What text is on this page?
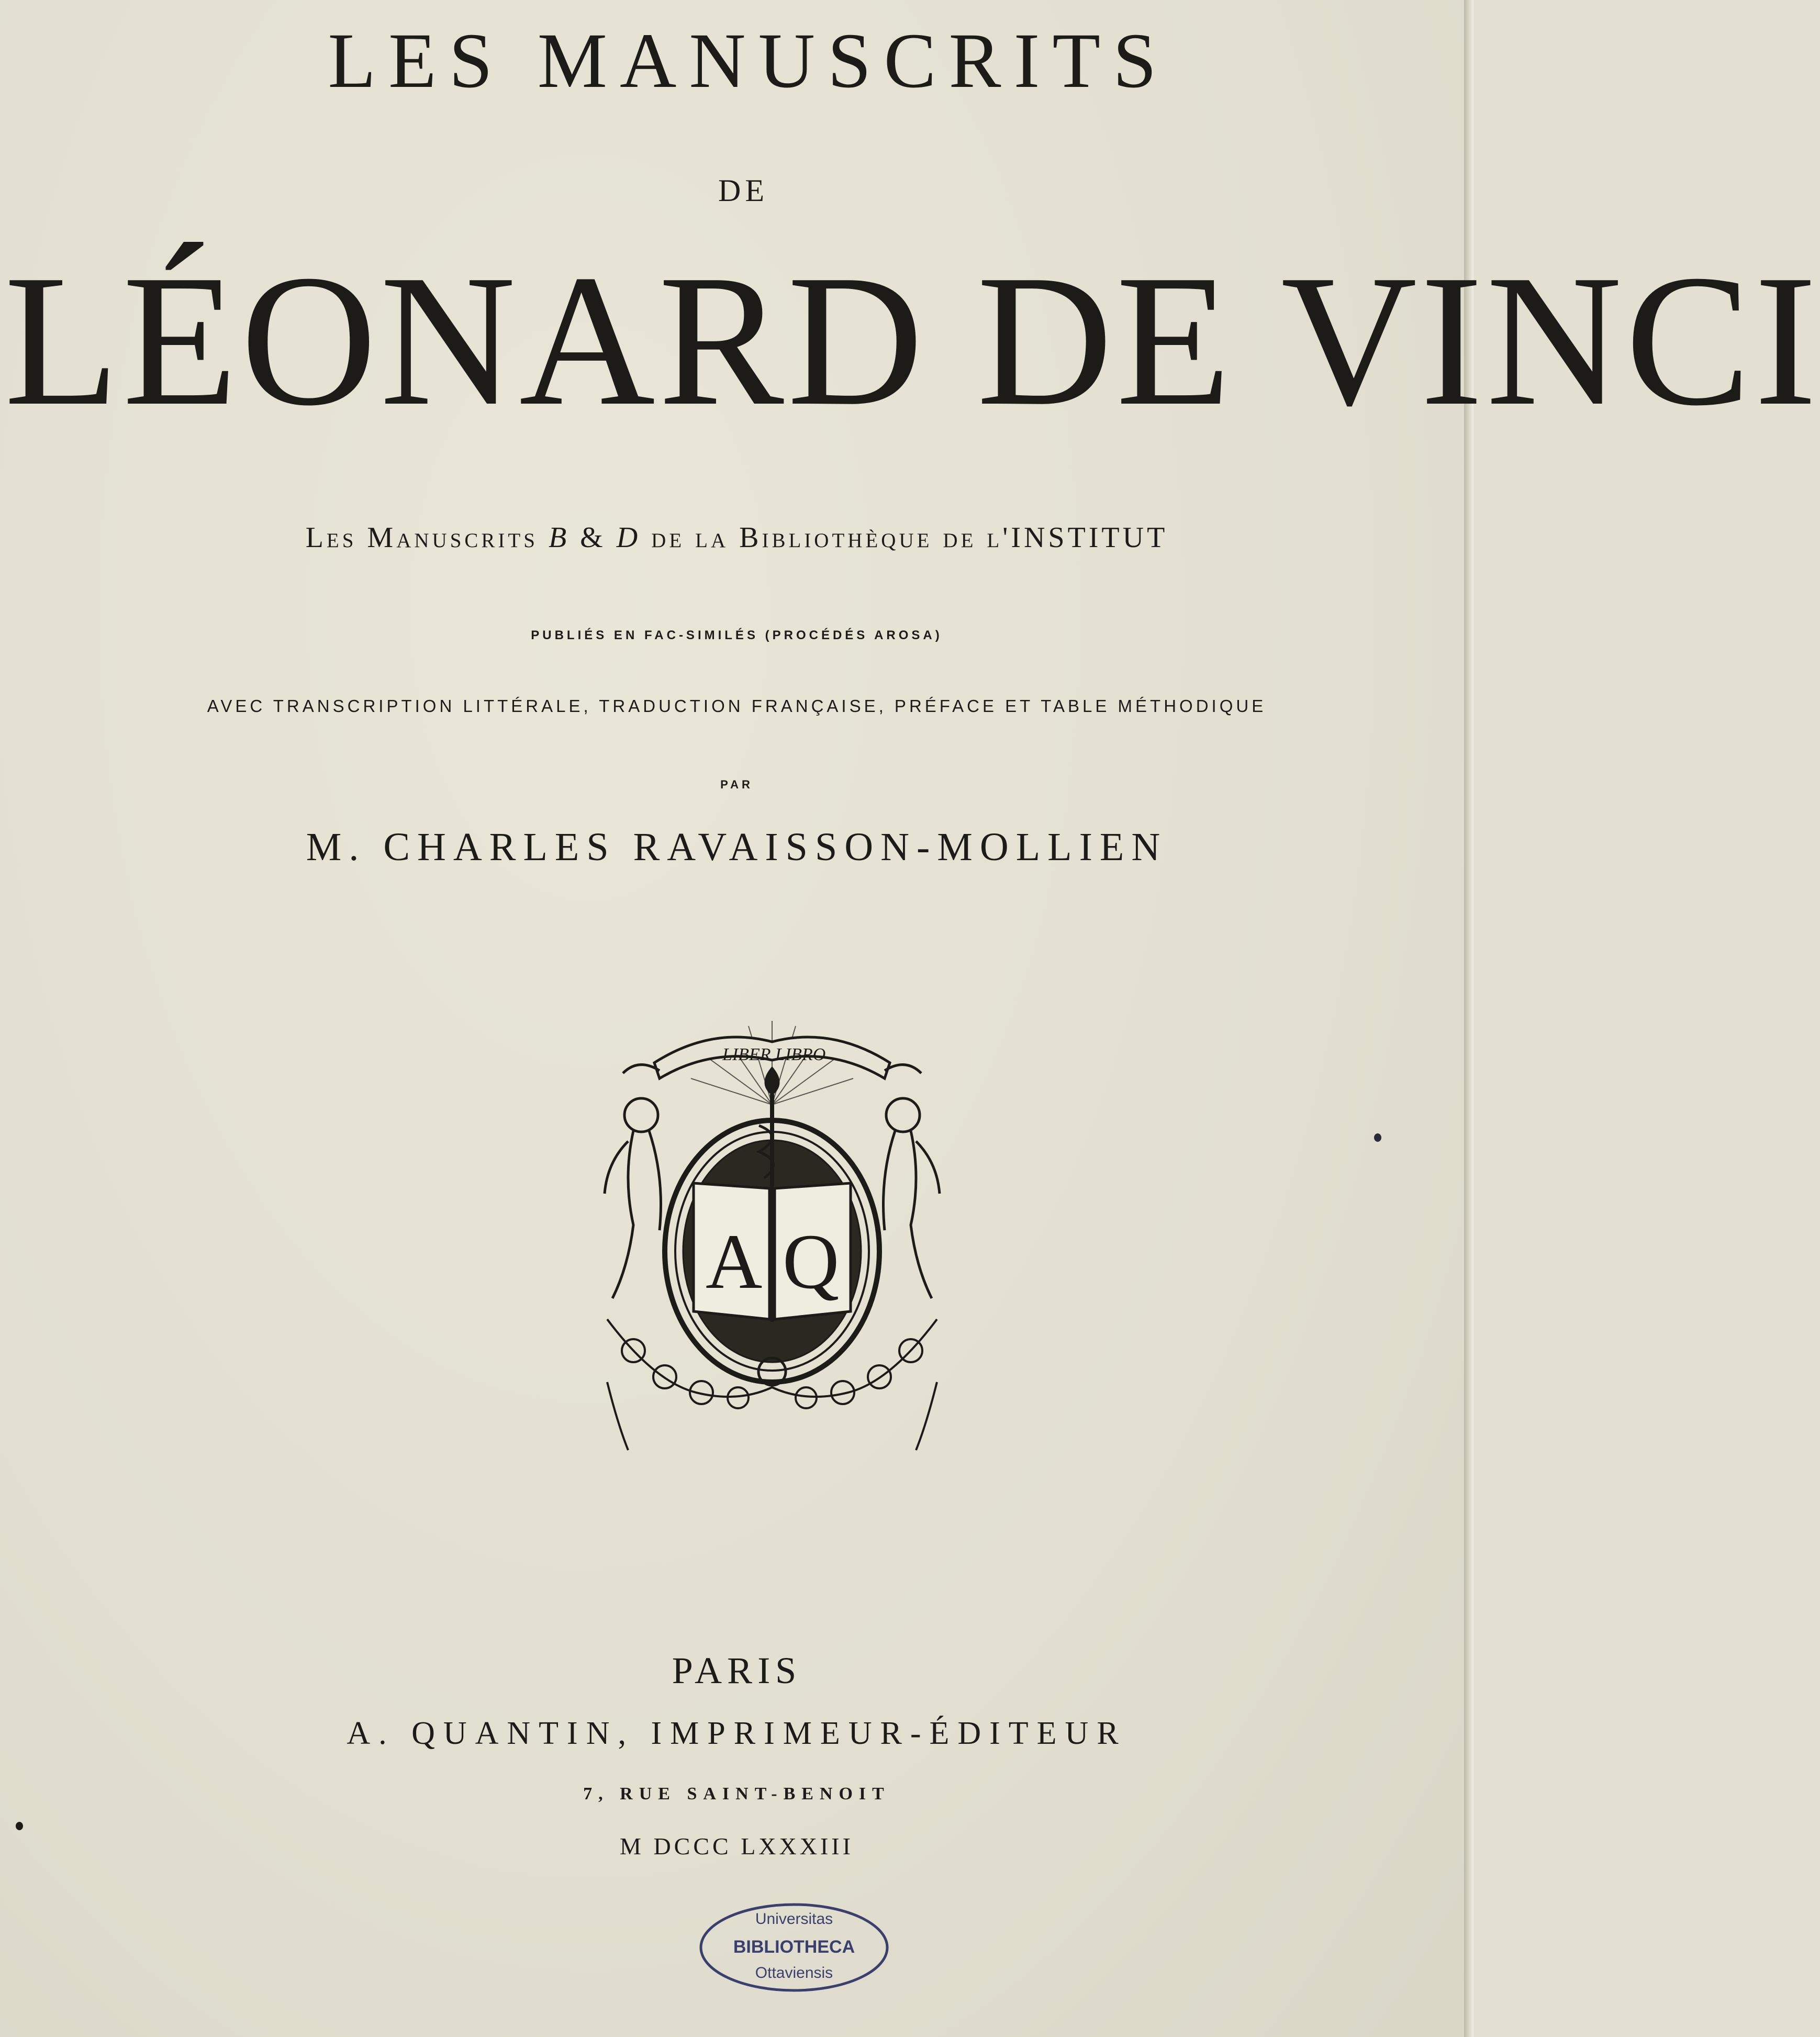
LES MANUSCRITS
DE
LÉONARD DE VINCI
Les Manuscrits B & D de la Bibliothèque de l'INSTITUT
PUBLIÉS EN FAC-SIMILÉS (PROCÉDÉS AROSA)
AVEC TRANSCRIPTION LITTÉRALE, TRADUCTION FRANÇAISE, PRÉFACE ET TABLE MÉTHODIQUE
PAR
M. CHARLES RAVAISSON-MOLLIEN
LIBER LIBRO
A Q
PARIS
A. QUANTIN, IMPRIMEUR-ÉDITEUR
7, RUE SAINT-BENOIT
M DCCC LXXXIII
Universitas
BIBLIOTHECA
Ottaviensis
